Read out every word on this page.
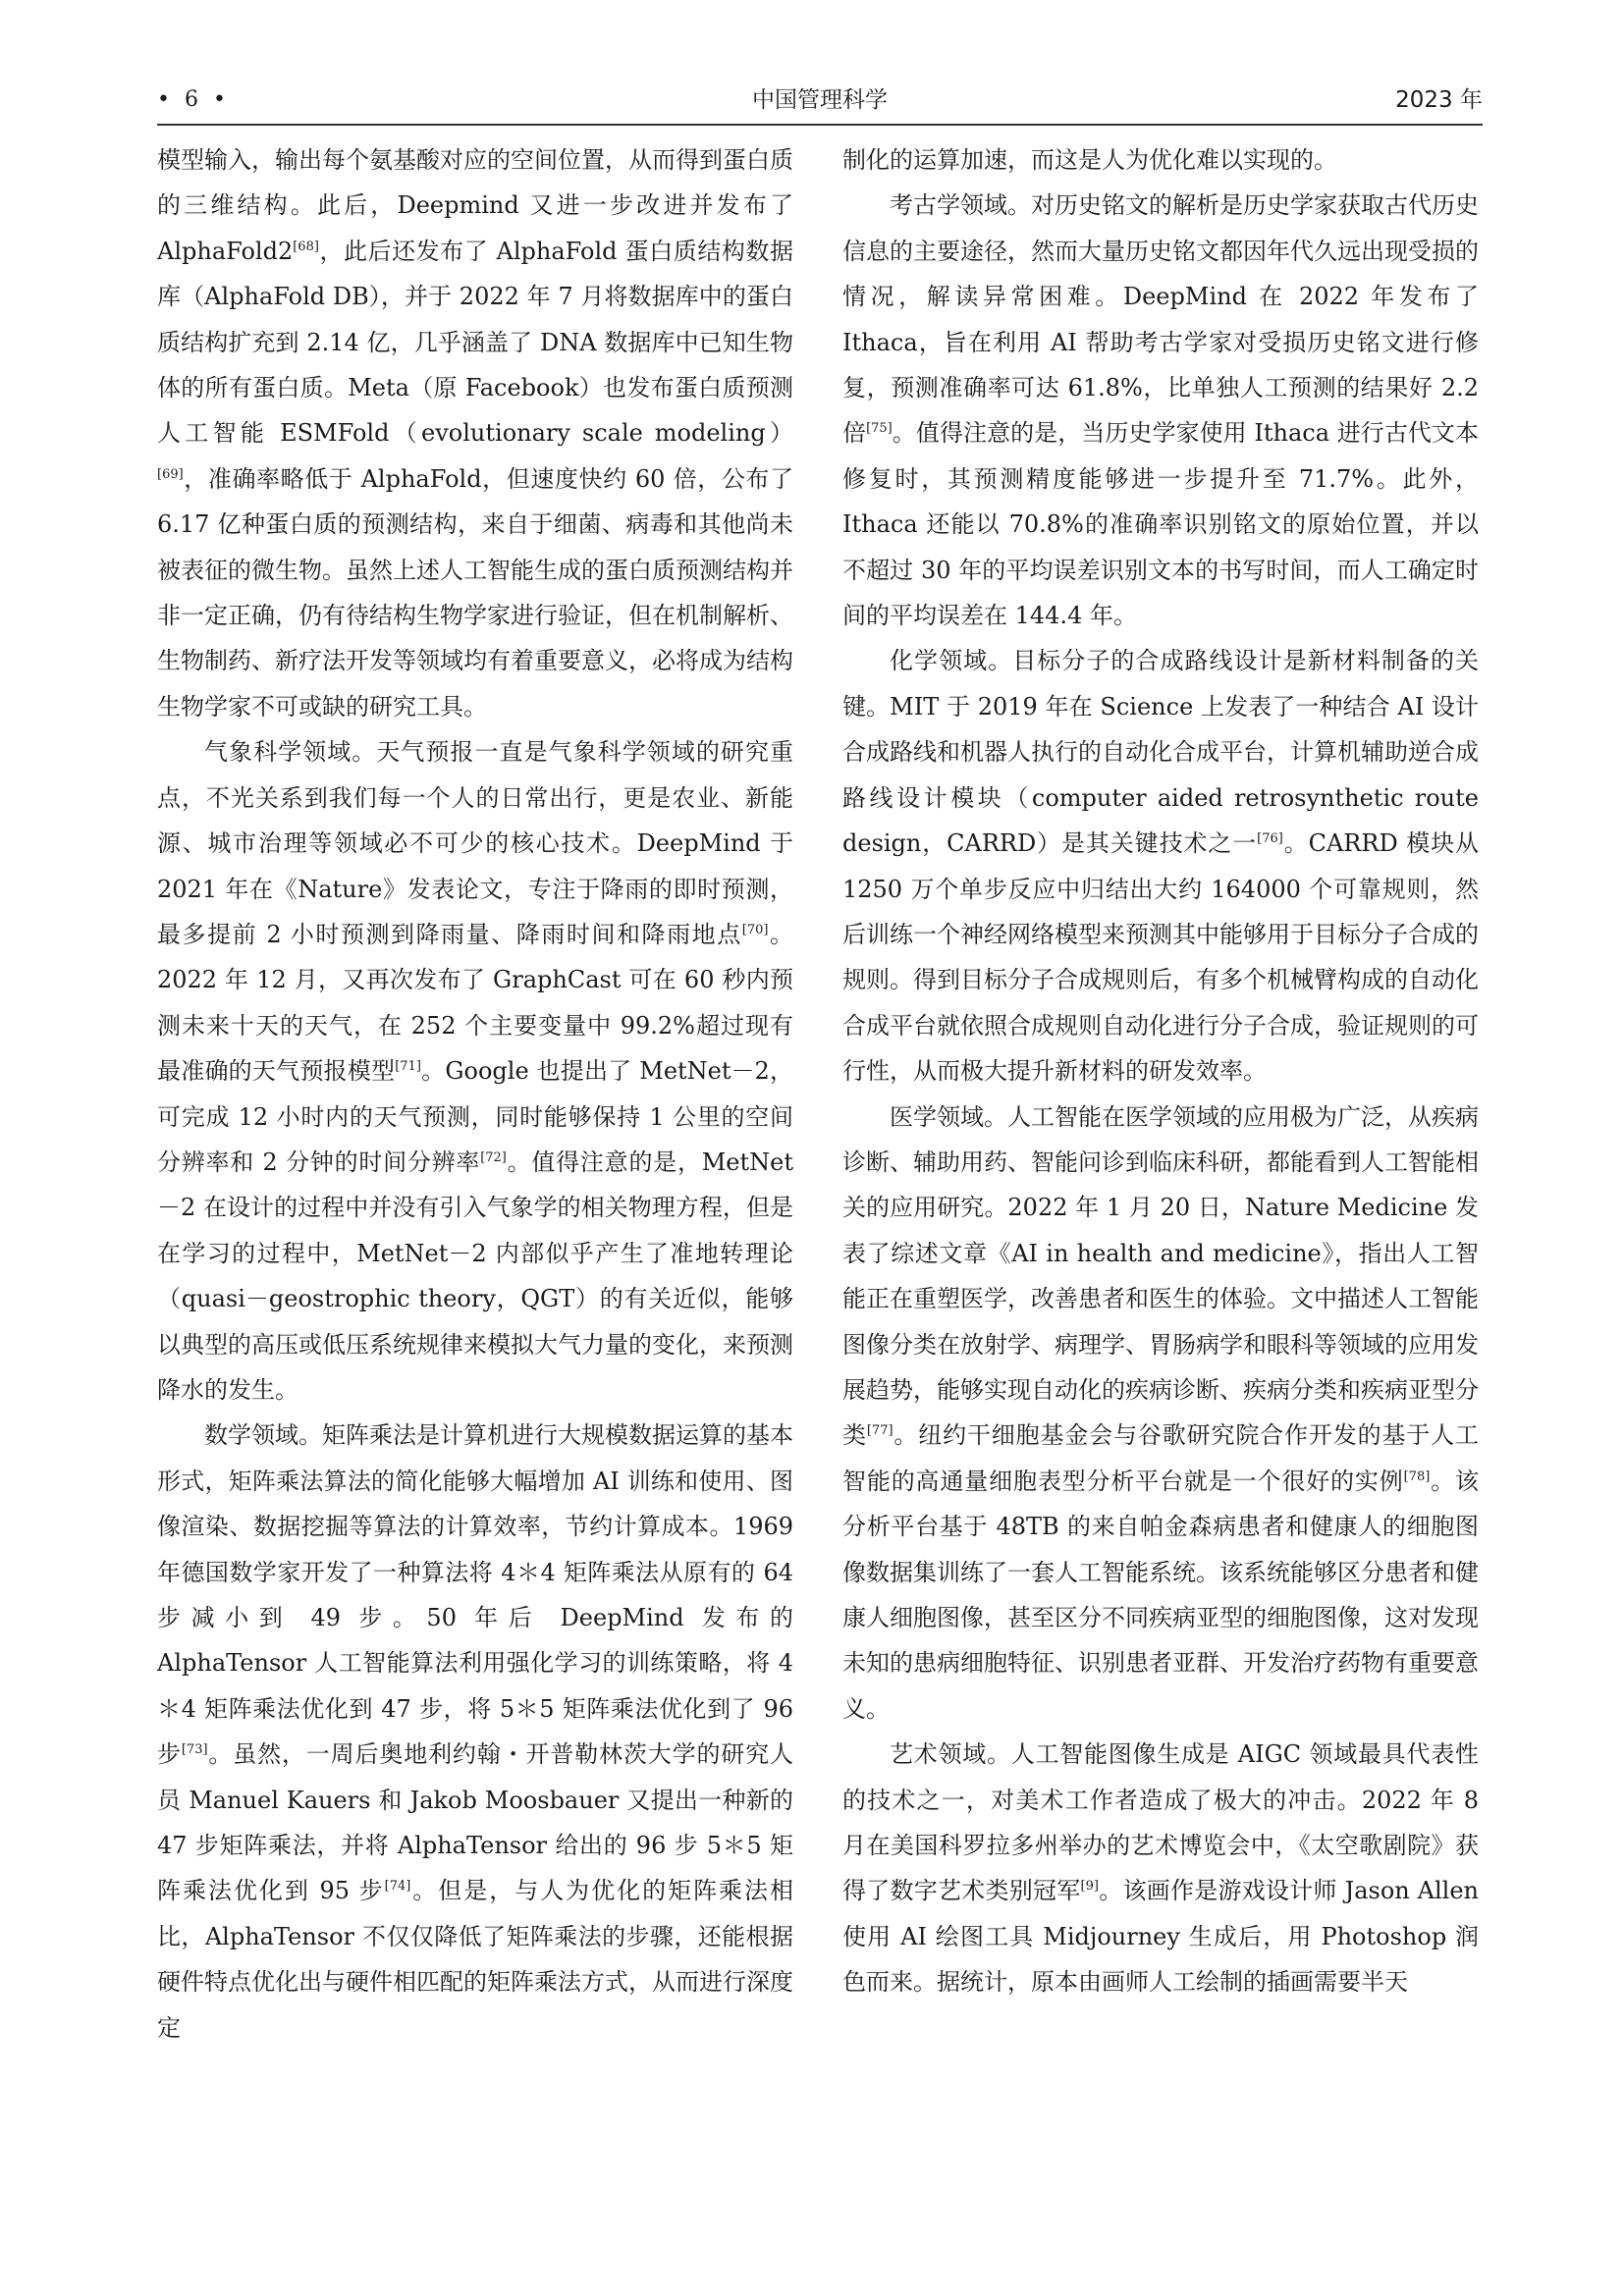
• 6 •	中国管理科学	2023 年

模型输入，输出每个氨基酸对应的空间位置，从而得到蛋白质的三维结构。此后，Deepmind 又进一步改进并发布了 AlphaFold2[68]，此后还发布了 AlphaFold 蛋白质结构数据库（AlphaFold DB），并于 2022 年 7 月将数据库中的蛋白质结构扩充到 2.14 亿，几乎涵盖了 DNA 数据库中已知生物体的所有蛋白质。Meta（原 Facebook）也发布蛋白质预测人工智能 ESMFold（evolutionary scale modeling）[69]，准确率略低于 AlphaFold，但速度快约 60 倍，公布了 6.17 亿种蛋白质的预测结构，来自于细菌、病毒和其他尚未被表征的微生物。虽然上述人工智能生成的蛋白质预测结构并非一定正确，仍有待结构生物学家进行验证，但在机制解析、生物制药、新疗法开发等领域均有着重要意义，必将成为结构生物学家不可或缺的研究工具。

气象科学领域。天气预报一直是气象科学领域的研究重点，不光关系到我们每一个人的日常出行，更是农业、新能源、城市治理等领域必不可少的核心技术。DeepMind 于 2021 年在《Nature》发表论文，专注于降雨的即时预测，最多提前 2 小时预测到降雨量、降雨时间和降雨地点[70]。2022 年 12 月，又再次发布了 GraphCast 可在 60 秒内预测未来十天的天气，在 252 个主要变量中 99.2%超过现有最准确的天气预报模型[71]。Google 也提出了 MetNet－2，可完成 12 小时内的天气预测，同时能够保持 1 公里的空间分辨率和 2 分钟的时间分辨率[72]。值得注意的是，MetNet－2 在设计的过程中并没有引入气象学的相关物理方程，但是在学习的过程中，MetNet－2 内部似乎产生了准地转理论（quasi－geostrophic theory，QGT）的有关近似，能够以典型的高压或低压系统规律来模拟大气力量的变化，来预测降水的发生。

数学领域。矩阵乘法是计算机进行大规模数据运算的基本形式，矩阵乘法算法的简化能够大幅增加 AI 训练和使用、图像渲染、数据挖掘等算法的计算效率，节约计算成本。1969 年德国数学家开发了一种算法将 4＊4 矩阵乘法从原有的 64 步减小到 49 步。50 年后 DeepMind 发布的 AlphaTensor 人工智能算法利用强化学习的训练策略，将 4＊4 矩阵乘法优化到 47 步，将 5＊5 矩阵乘法优化到了 96 步[73]。虽然，一周后奥地利约翰・开普勒林茨大学的研究人员 Manuel Kauers 和 Jakob Moosbauer 又提出一种新的 47 步矩阵乘法，并将 AlphaTensor 给出的 96 步 5＊5 矩阵乘法优化到 95 步[74]。但是，与人为优化的矩阵乘法相比，AlphaTensor 不仅仅降低了矩阵乘法的步骤，还能根据硬件特点优化出与硬件相匹配的矩阵乘法方式，从而进行深度定

制化的运算加速，而这是人为优化难以实现的。

考古学领域。对历史铭文的解析是历史学家获取古代历史信息的主要途径，然而大量历史铭文都因年代久远出现受损的情况，解读异常困难。DeepMind 在 2022 年发布了 Ithaca，旨在利用 AI 帮助考古学家对受损历史铭文进行修复，预测准确率可达 61.8%，比单独人工预测的结果好 2.2 倍[75]。值得注意的是，当历史学家使用 Ithaca 进行古代文本修复时，其预测精度能够进一步提升至 71.7%。此外，Ithaca 还能以 70.8%的准确率识别铭文的原始位置，并以不超过 30 年的平均误差识别文本的书写时间，而人工确定时间的平均误差在 144.4 年。

化学领域。目标分子的合成路线设计是新材料制备的关键。MIT 于 2019 年在 Science 上发表了一种结合 AI 设计合成路线和机器人执行的自动化合成平台，计算机辅助逆合成路线设计模块（computer aided retrosynthetic route design，CARRD）是其关键技术之一[76]。CARRD 模块从 1250 万个单步反应中归结出大约 164000 个可靠规则，然后训练一个神经网络模型来预测其中能够用于目标分子合成的规则。得到目标分子合成规则后，有多个机械臂构成的自动化合成平台就依照合成规则自动化进行分子合成，验证规则的可行性，从而极大提升新材料的研发效率。

医学领域。人工智能在医学领域的应用极为广泛，从疾病诊断、辅助用药、智能问诊到临床科研，都能看到人工智能相关的应用研究。2022 年 1 月 20 日，Nature Medicine 发表了综述文章《AI in health and medicine》，指出人工智能正在重塑医学，改善患者和医生的体验。文中描述人工智能图像分类在放射学、病理学、胃肠病学和眼科等领域的应用发展趋势，能够实现自动化的疾病诊断、疾病分类和疾病亚型分类[77]。纽约干细胞基金会与谷歌研究院合作开发的基于人工智能的高通量细胞表型分析平台就是一个很好的实例[78]。该分析平台基于 48TB 的来自帕金森病患者和健康人的细胞图像数据集训练了一套人工智能系统。该系统能够区分患者和健康人细胞图像，甚至区分不同疾病亚型的细胞图像，这对发现未知的患病细胞特征、识别患者亚群、开发治疗药物有重要意义。

艺术领域。人工智能图像生成是 AIGC 领域最具代表性的技术之一，对美术工作者造成了极大的冲击。2022 年 8 月在美国科罗拉多州举办的艺术博览会中，《太空歌剧院》获得了数字艺术类别冠军[9]。该画作是游戏设计师 Jason Allen 使用 AI 绘图工具 Midjourney 生成后，用 Photoshop 润色而来。据统计，原本由画师人工绘制的插画需要半天
